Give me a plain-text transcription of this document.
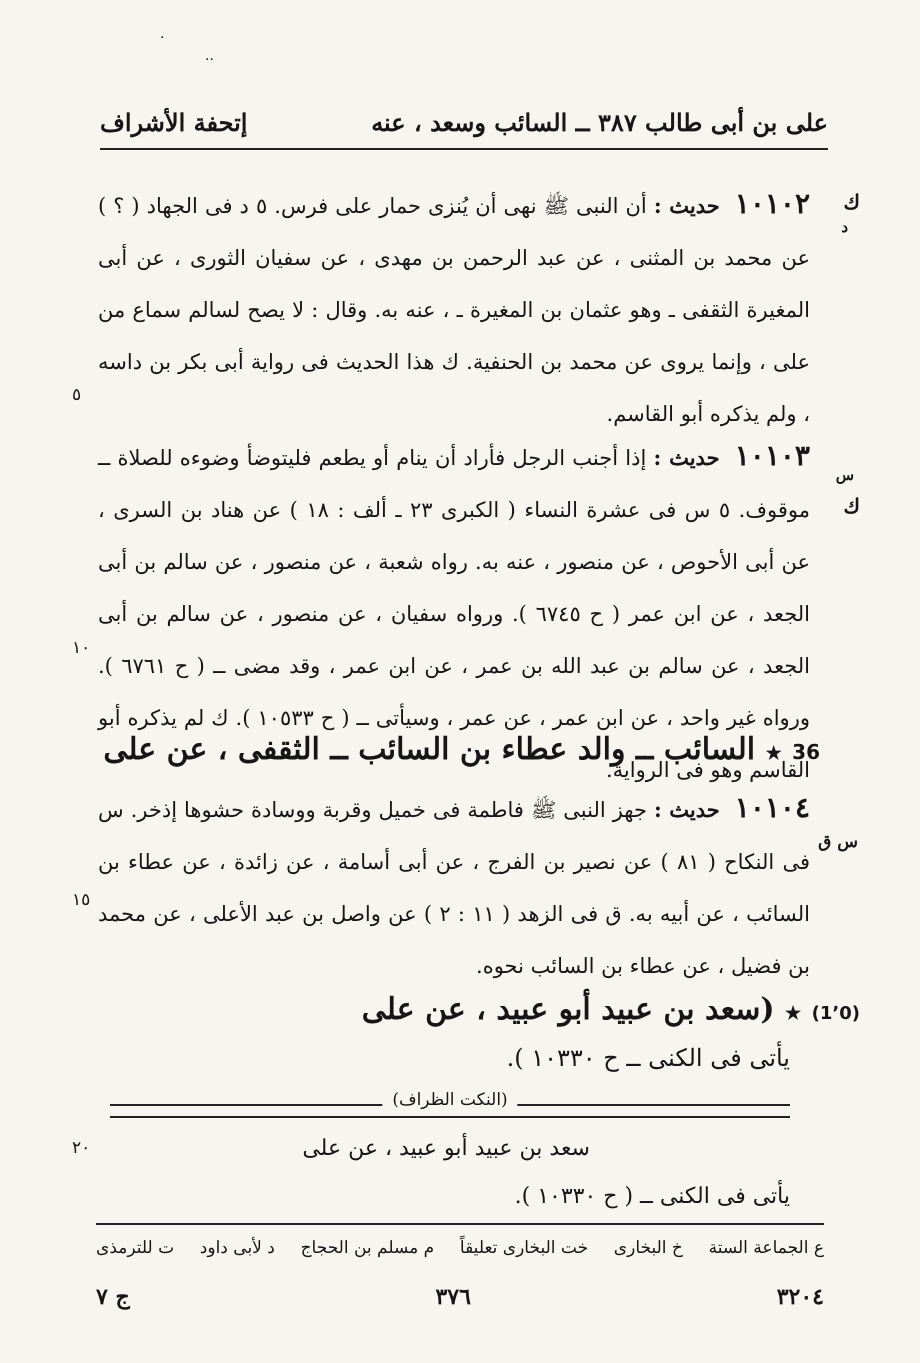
·
··
على بن أبى طالب ٣٨٧ ــ السائب وسعد ، عنه
إتحفة الأشراف
ك
د
١٠١٠٢ حديث : أن النبى ﷺ نهى أن يُنزى حمار على فرس. ٥ د فى الجهاد ( ؟ ) عن محمد بن المثنى ، عن عبد الرحمن بن مهدى ، عن سفيان الثورى ، عن أبى المغيرة الثقفى ـ وهو عثمان بن المغيرة ـ ، عنه به. وقال : لا يصح لسالم سماع من على ، وإنما يروى عن محمد بن الحنفية. ك هذا الحديث فى رواية أبى بكر بن داسه ، ولم يذكره أبو القاسم.
٥
ك
س
١٠١٠٣ حديث : إذا أجنب الرجل فأراد أن ينام أو يطعم فليتوضأ وضوءه للصلاة ــ موقوف. ٥ س فى عشرة النساء ( الكبرى ٢٣ ـ ألف : ١٨ ) عن هناد بن السرى ، عن أبى الأحوص ، عن منصور ، عنه به. رواه شعبة ، عن منصور ، عن سالم بن أبى الجعد ، عن ابن عمر ( ح ٦٧٤٥ ). ورواه سفيان ، عن منصور ، عن سالم بن أبى الجعد ، عن سالم بن عبد الله بن عمر ، عن ابن عمر ، وقد مضى ــ ( ح ٦٧٦١ ). ورواه غير واحد ، عن ابن عمر ، عن عمر ، وسيأتى ــ ( ح ١٠٥٣٣ ). ك لم يذكره أبو القاسم وهو فى الرواية.
١٠
36 ★ السائب ــ والد عطاء بن السائب ــ الثقفى ، عن على
س ق
١٠١٠٤ حديث : جهز النبى ﷺ فاطمة فى خميل وقربة ووسادة حشوها إذخر. س فى النكاح ( ٨١ ) عن نصير بن الفرج ، عن أبى أسامة ، عن زائدة ، عن عطاء بن السائب ، عن أبيه به. ق فى الزهد ( ١١ : ٢ ) عن واصل بن عبد الأعلى ، عن محمد بن فضيل ، عن عطاء بن السائب نحوه.
١٥
(1٬0) ★ (سعد بن عبيد أبو عبيد ، عن على
يأتى فى الكنى ــ ح ١٠٣٣٠ ).
(النكت الظراف)
سعد بن عبيد أبو عبيد ، عن على
٢٠
يأتى فى الكنى ــ ( ح ١٠٣٣٠ ).
ع الجماعة الستة
خ البخارى
خت البخارى تعليقاً
م مسلم بن الحجاج
د لأبى داود
ت للترمذى
ج ٧	٣٧٦	٣٢٠٤
